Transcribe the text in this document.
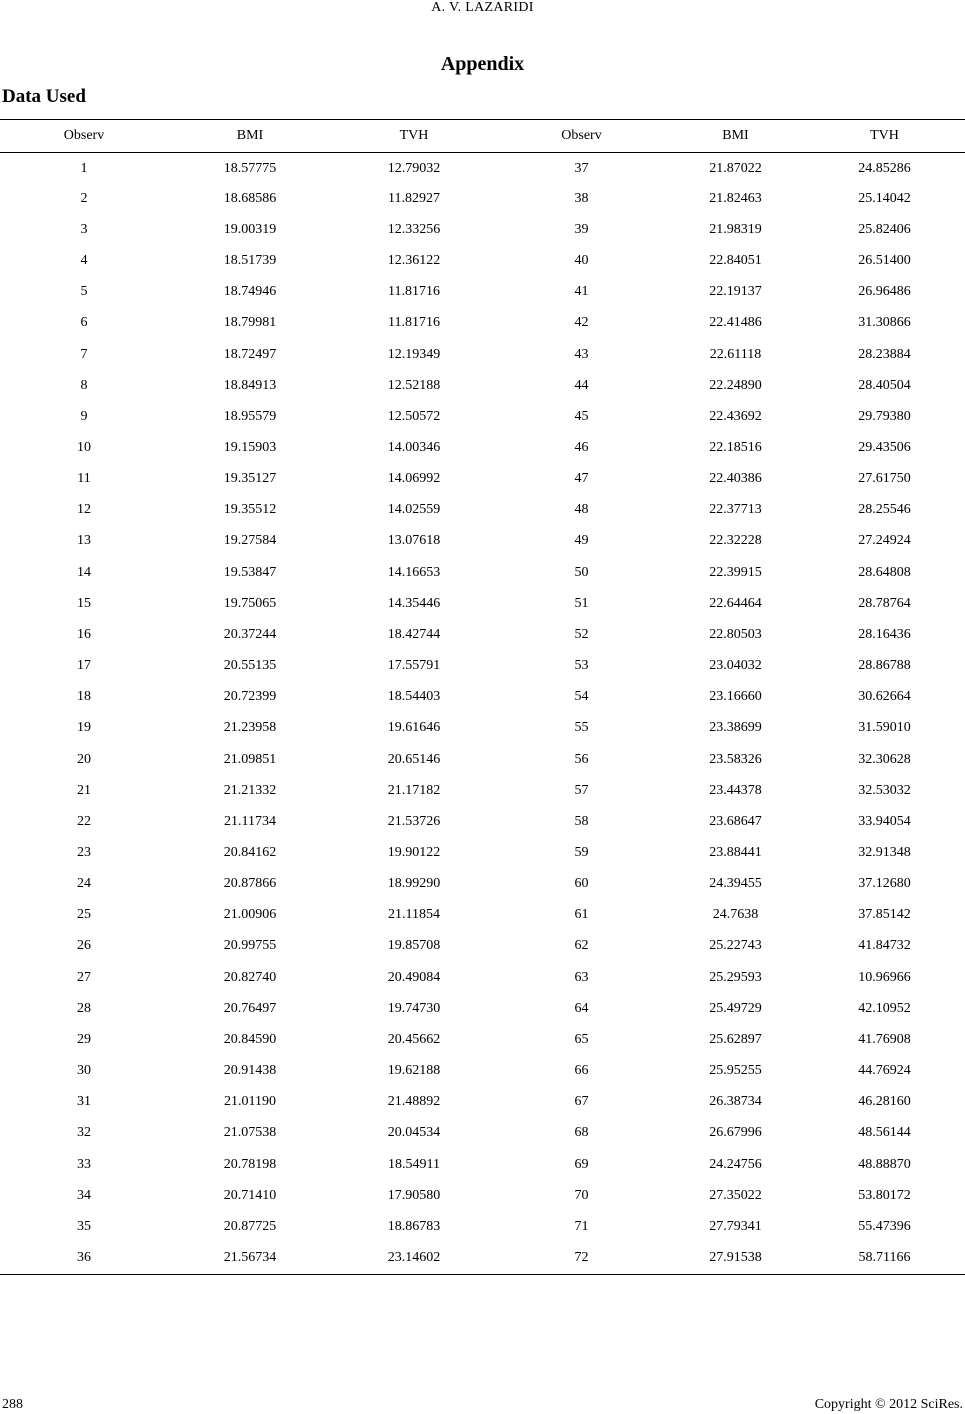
A. V. LAZARIDI
Appendix
Data Used
Observ	BMI	TVH	Observ	BMI	TVH
1	18.57775	12.79032	37	21.87022	24.85286
2	18.68586	11.82927	38	21.82463	25.14042
3	19.00319	12.33256	39	21.98319	25.82406
4	18.51739	12.36122	40	22.84051	26.51400
5	18.74946	11.81716	41	22.19137	26.96486
6	18.79981	11.81716	42	22.41486	31.30866
7	18.72497	12.19349	43	22.61118	28.23884
8	18.84913	12.52188	44	22.24890	28.40504
9	18.95579	12.50572	45	22.43692	29.79380
10	19.15903	14.00346	46	22.18516	29.43506
11	19.35127	14.06992	47	22.40386	27.61750
12	19.35512	14.02559	48	22.37713	28.25546
13	19.27584	13.07618	49	22.32228	27.24924
14	19.53847	14.16653	50	22.39915	28.64808
15	19.75065	14.35446	51	22.64464	28.78764
16	20.37244	18.42744	52	22.80503	28.16436
17	20.55135	17.55791	53	23.04032	28.86788
18	20.72399	18.54403	54	23.16660	30.62664
19	21.23958	19.61646	55	23.38699	31.59010
20	21.09851	20.65146	56	23.58326	32.30628
21	21.21332	21.17182	57	23.44378	32.53032
22	21.11734	21.53726	58	23.68647	33.94054
23	20.84162	19.90122	59	23.88441	32.91348
24	20.87866	18.99290	60	24.39455	37.12680
25	21.00906	21.11854	61	24.7638	37.85142
26	20.99755	19.85708	62	25.22743	41.84732
27	20.82740	20.49084	63	25.29593	10.96966
28	20.76497	19.74730	64	25.49729	42.10952
29	20.84590	20.45662	65	25.62897	41.76908
30	20.91438	19.62188	66	25.95255	44.76924
31	21.01190	21.48892	67	26.38734	46.28160
32	21.07538	20.04534	68	26.67996	48.56144
33	20.78198	18.54911	69	24.24756	48.88870
34	20.71410	17.90580	70	27.35022	53.80172
35	20.87725	18.86783	71	27.79341	55.47396
36	21.56734	23.14602	72	27.91538	58.71166
288	Copyright © 2012 SciRes.
